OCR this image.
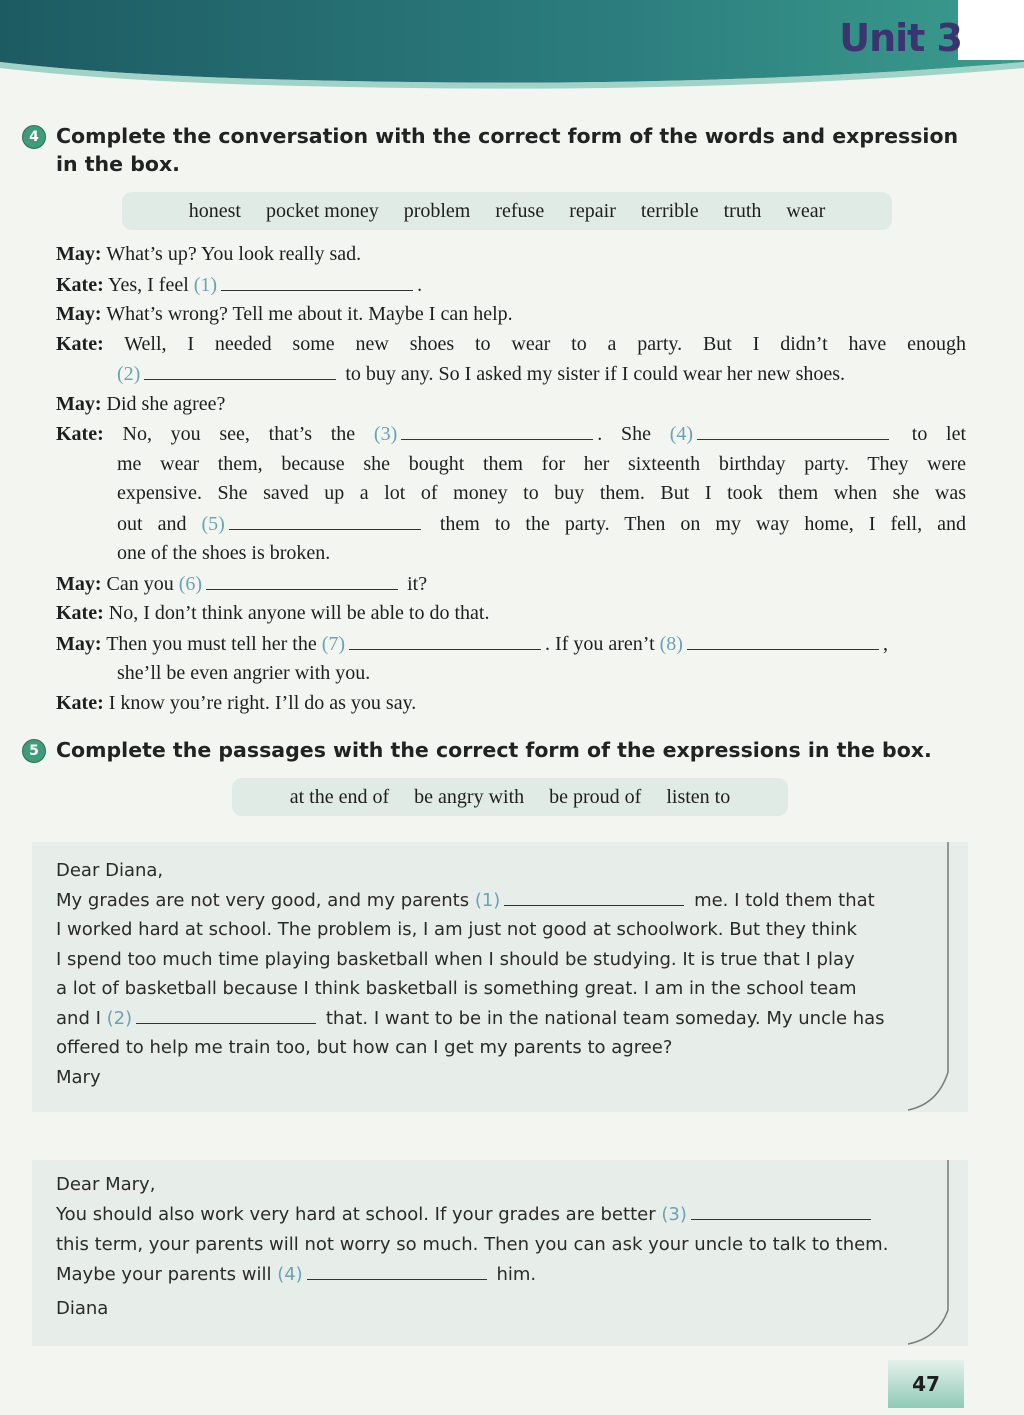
Unit 3
4 Complete the conversation with the correct form of the words and expression
in the box.
honest pocket money problem refuse repair terrible truth wear
May: What’s up? You look really sad.
Kate: Yes, I feel (1)	.
May: What’s wrong? Tell me about it. Maybe I can help.
Kate: Well, I needed some new shoes to wear to a party. But I didn’t have enough
(2)	to buy any. So I asked my sister if I could wear her new shoes.
May: Did she agree?
Kate: No, you see, that’s the (3)	. She (4)	to let
me wear them, because she bought them for her sixteenth birthday party. They were
expensive. She saved up a lot of money to buy them. But I took them when she was
out and (5)	them to the party. Then on my way home, I fell, and
one of the shoes is broken.
May: Can you (6)	it?
Kate: No, I don’t think anyone will be able to do that.
May: Then you must tell her the (7)	. If you aren’t (8)	,
she’ll be even angrier with you.
Kate: I know you’re right. I’ll do as you say.
5 Complete the passages with the correct form of the expressions in the box.
at the end of be angry with be proud of listen to
Dear Diana,
My grades are not very good, and my parents (1)	me. I told them that
I worked hard at school. The problem is, I am just not good at schoolwork. But they think
I spend too much time playing basketball when I should be studying. It is true that I play
a lot of basketball because I think basketball is something great. I am in the school team
and I (2)	that. I want to be in the national team someday. My uncle has
offered to help me train too, but how can I get my parents to agree?
Mary
Dear Mary,
You should also work very hard at school. If your grades are better (3)
this term, your parents will not worry so much. Then you can ask your uncle to talk to them.
Maybe your parents will (4)	him.
Diana
47
